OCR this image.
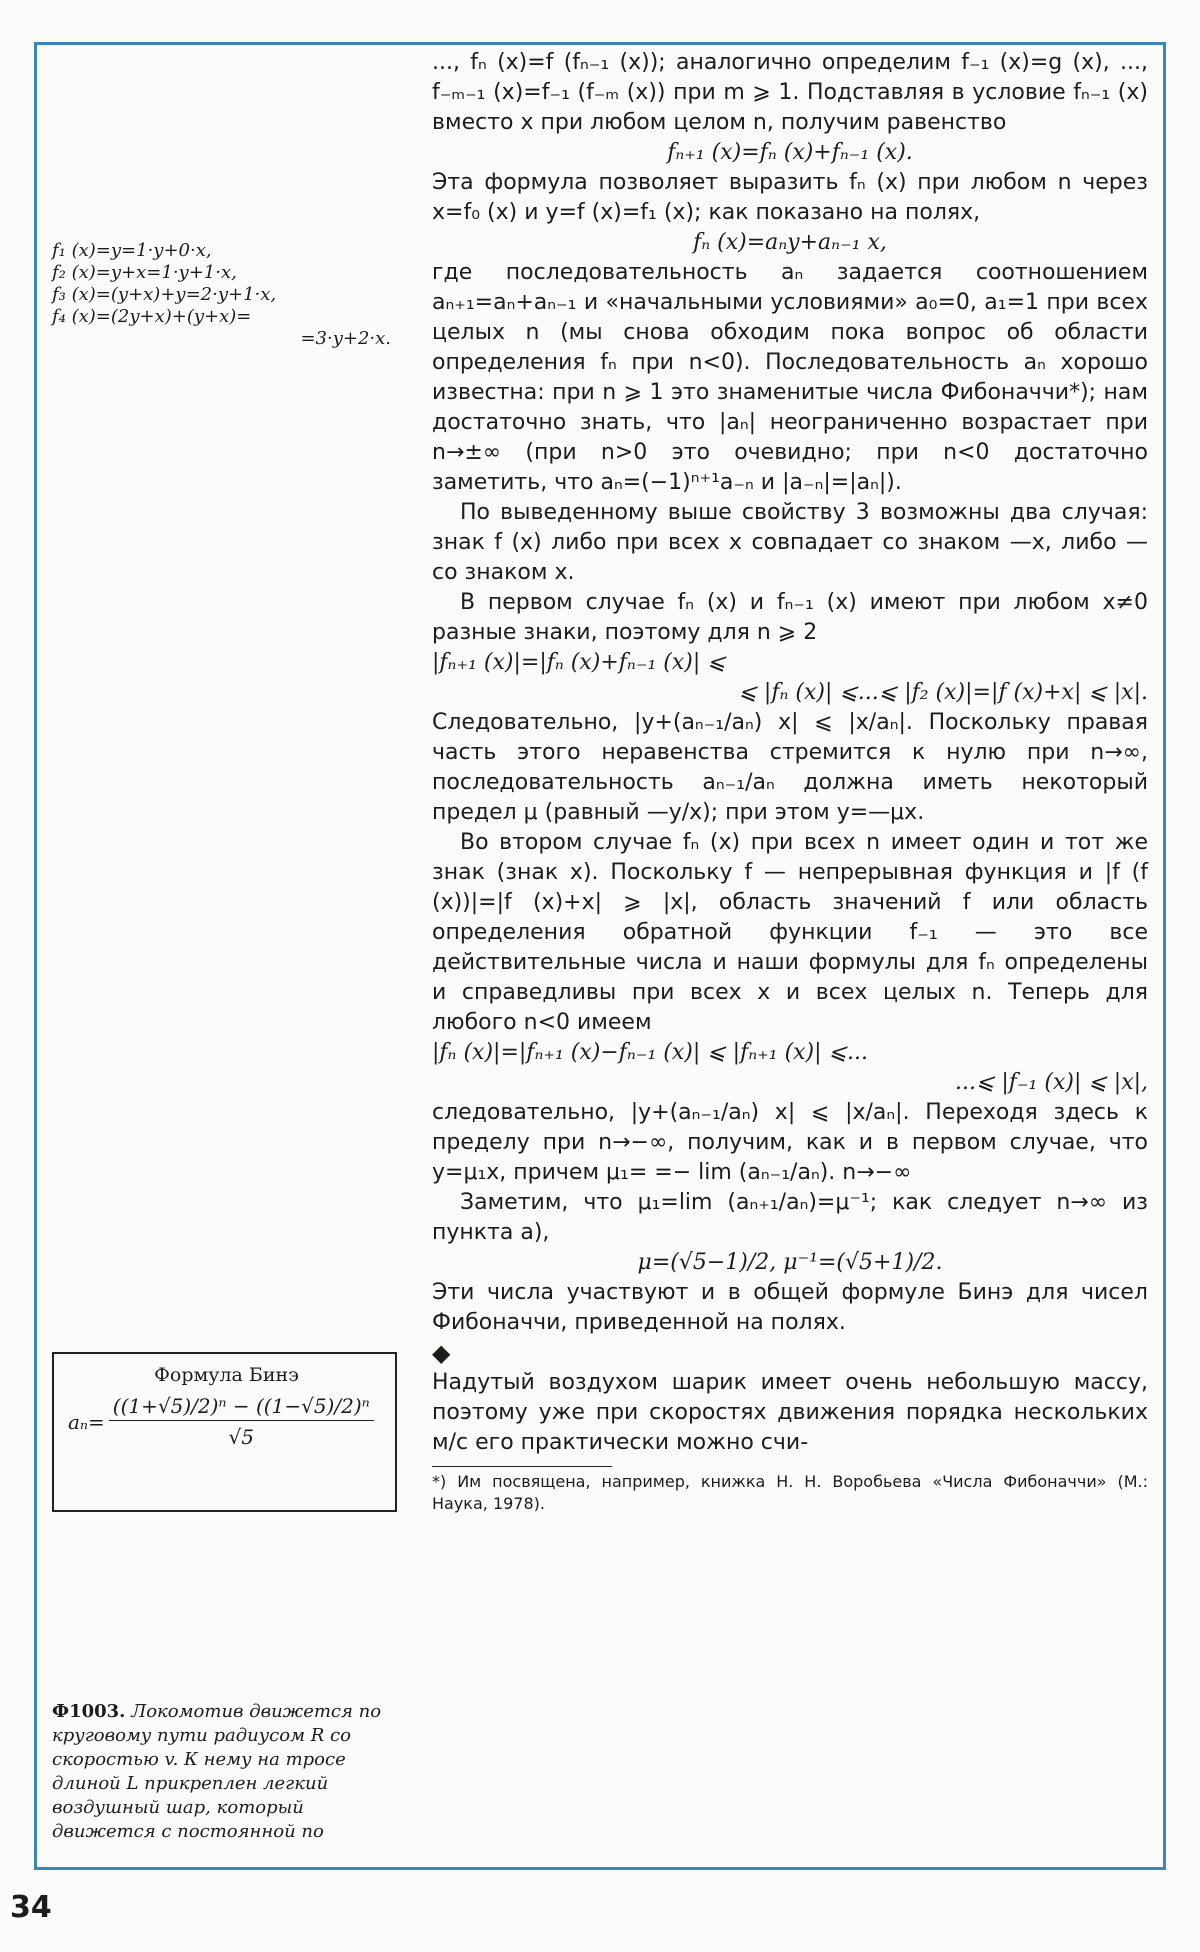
f₁ (x)=y=1·y+0·x,
f₂ (x)=y+x=1·y+1·x,
f₃ (x)=(y+x)+y=2·y+1·x,
f₄ (x)=(2y+x)+(y+x)=
=3·y+2·x.
Формула Бинэ
$a_n= \frac{\text{((1+√5)/2)ⁿ − ((1−√5)/2)ⁿ}}{√5}$
Ф1003. Локомотив движется по круговому пути радиусом R со скоростью v. К нему на тросе длиной L прикреплен легкий воздушный шар, который движется с постоянной по

..., fₙ (x)=f (fₙ₋₁ (x)); аналогично определим f₋₁ (x)=g (x), ..., f₋ₘ₋₁ (x)=f₋₁ (f₋ₘ (x)) при m ⩾ 1. Подставляя в условие fₙ₋₁ (x) вместо x при любом целом n, получим равенство

fₙ₊₁ (x)=fₙ (x)+fₙ₋₁ (x).

Эта формула позволяет выразить fₙ (x) при любом n через x=f₀ (x) и y=f (x)=f₁ (x); как показано на полях,

fₙ (x)=aₙy+aₙ₋₁ x,

где последовательность aₙ задается соотношением aₙ₊₁=aₙ+aₙ₋₁ и «начальными условиями» a₀=0, a₁=1 при всех целых n (мы снова обходим пока вопрос об области определения fₙ при n<0). Последовательность aₙ хорошо известна: при n ⩾ 1 это знаменитые числа Фибоначчи*); нам достаточно знать, что |aₙ| неограниченно возрастает при n→±∞ (при n>0 это очевидно; при n<0 достаточно заметить, что aₙ=(−1)ⁿ⁺¹a₋ₙ и |a₋ₙ|=|aₙ|).

По выведенному выше свойству 3 возможны два случая: знак f (x) либо при всех x совпадает со знаком —x, либо — со знаком x.

В первом случае fₙ (x) и fₙ₋₁ (x) имеют при любом x≠0 разные знаки, поэтому для n ⩾ 2

|fₙ₊₁ (x)|=|fₙ (x)+fₙ₋₁ (x)| ⩽

⩽ |fₙ (x)| ⩽...⩽ |f₂ (x)|=|f (x)+x| ⩽ |x|.

Следовательно, |y+(aₙ₋₁/aₙ) x| ⩽ |x/aₙ|. Поскольку правая часть этого неравенства стремится к нулю при n→∞, последовательность aₙ₋₁/aₙ должна иметь некоторый предел μ (равный —y/x); при этом y=—μx.

Во втором случае fₙ (x) при всех n имеет один и тот же знак (знак x). Поскольку f — непрерывная функция и |f (f (x))|=|f (x)+x| ⩾ |x|, область значений f или область определения обратной функции f₋₁ — это все действительные числа и наши формулы для fₙ определены и справедливы при всех x и всех целых n. Теперь для любого n<0 имеем

|fₙ (x)|=|fₙ₊₁ (x)−fₙ₋₁ (x)| ⩽ |fₙ₊₁ (x)| ⩽...

...⩽ |f₋₁ (x)| ⩽ |x|,

следовательно, |y+(aₙ₋₁/aₙ) x| ⩽ |x/aₙ|. Переходя здесь к пределу при n→−∞, получим, как и в первом случае, что y=μ₁x, причем μ₁= =− lim (aₙ₋₁/aₙ). n→−∞

Заметим, что μ₁=lim (aₙ₊₁/aₙ)=μ⁻¹; как следует n→∞ из пункта а),

μ=(√5−1)/2, μ⁻¹=(√5+1)/2.

Эти числа участвуют и в общей формуле Бинэ для чисел Фибоначчи, приведенной на полях.

◆

Надутый воздухом шарик имеет очень небольшую массу, поэтому уже при скоростях движения порядка нескольких м/с его практически можно счи-

*) Им посвящена, например, книжка Н. Н. Воробьева «Числа Фибоначчи» (М.: Наука, 1978).

34
